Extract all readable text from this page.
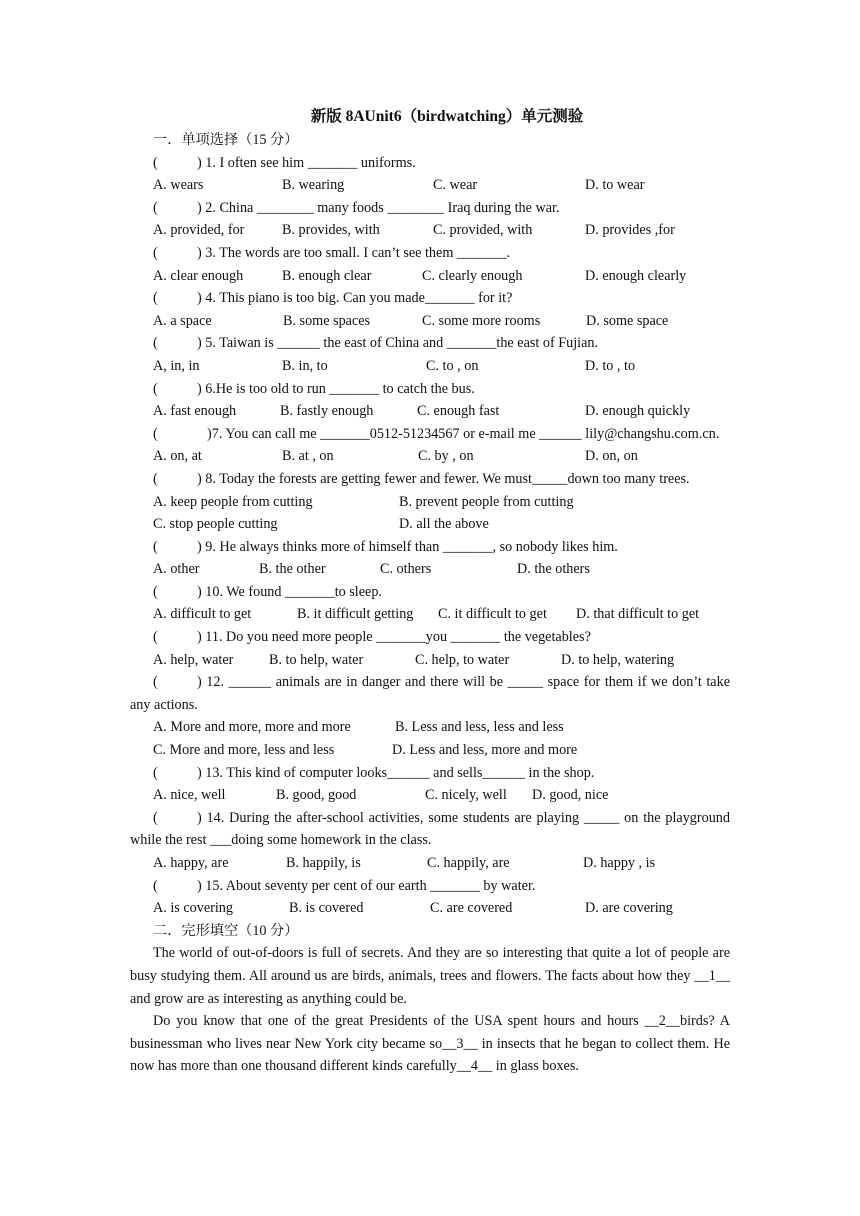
新版 8AUnit6（birdwatching）单元测验
一．单项选择（15 分）
(	) 1. I often see him _______ uniforms.
A. wears	B. wearing	C. wear	D. to wear
(	) 2. China ________ many foods ________ Iraq during the war.
A. provided, for	B. provides, with	C. provided, with	D. provides ,for
(	) 3. The words are too small. I can’t see them _______.
A. clear enough	B. enough clear	C. clearly enough	D. enough clearly
(	) 4. This piano is too big. Can you made_______ for it?
A. a space	B. some spaces	C. some more rooms	D. some space
(	) 5. Taiwan is ______ the east of China and _______the east of Fujian.
A, in, in	B. in, to	C. to , on	D. to , to
(	) 6.He is too old to run _______ to catch the bus.
A. fast enough	B. fastly enough	C. enough fast	D. enough quickly
(	)7. You can call me _______0512-51234567 or e-mail me ______ lily@changshu.com.cn.
A. on, at	B. at , on	C. by , on	D. on, on
(	) 8. Today the forests are getting fewer and fewer. We must_____down too many trees.
A. keep people from cutting	B. prevent people from cutting
C. stop people cutting	D. all the above
(	) 9. He always thinks more of himself than _______, so nobody likes him.
A. other	B. the other	C. others	D. the others
(	) 10. We found _______to sleep.
A. difficult to get	B. it difficult getting C. it difficult to get D. that difficult to get
(	) 11. Do you need more people _______you _______ the vegetables?
A. help, water	B. to help, water	C. help, to water	D. to help, watering
(	) 12. ______ animals are in danger and there will be _____ space for them if we don’t take any actions.
A. More and more, more and more	B. Less and less, less and less
C. More and more, less and less	D. Less and less, more and more
(	) 13. This kind of computer looks______ and sells______ in the shop.
A. nice, well	B. good, good	C. nicely, well D. good, nice
(	) 14. During the after-school activities, some students are playing _____ on the playground while the rest ___doing some homework in the class.
A. happy, are	B. happily, is	C. happily, are	D. happy , is
(	) 15. About seventy per cent of our earth _______ by water.
A. is covering	B. is covered	C. are covered	D. are covering
二．完形填空（10 分）
The world of out-of-doors is full of secrets. And they are so interesting that quite a lot of people are busy studying them. All around us are birds, animals, trees and flowers. The facts about how they __1__ and grow are as interesting as anything could be.
Do you know that one of the great Presidents of the USA spent hours and hours __2__birds? A businessman who lives near New York city became so__3__ in insects that he began to collect them. He now has more than one thousand different kinds carefully__4__ in glass boxes.
